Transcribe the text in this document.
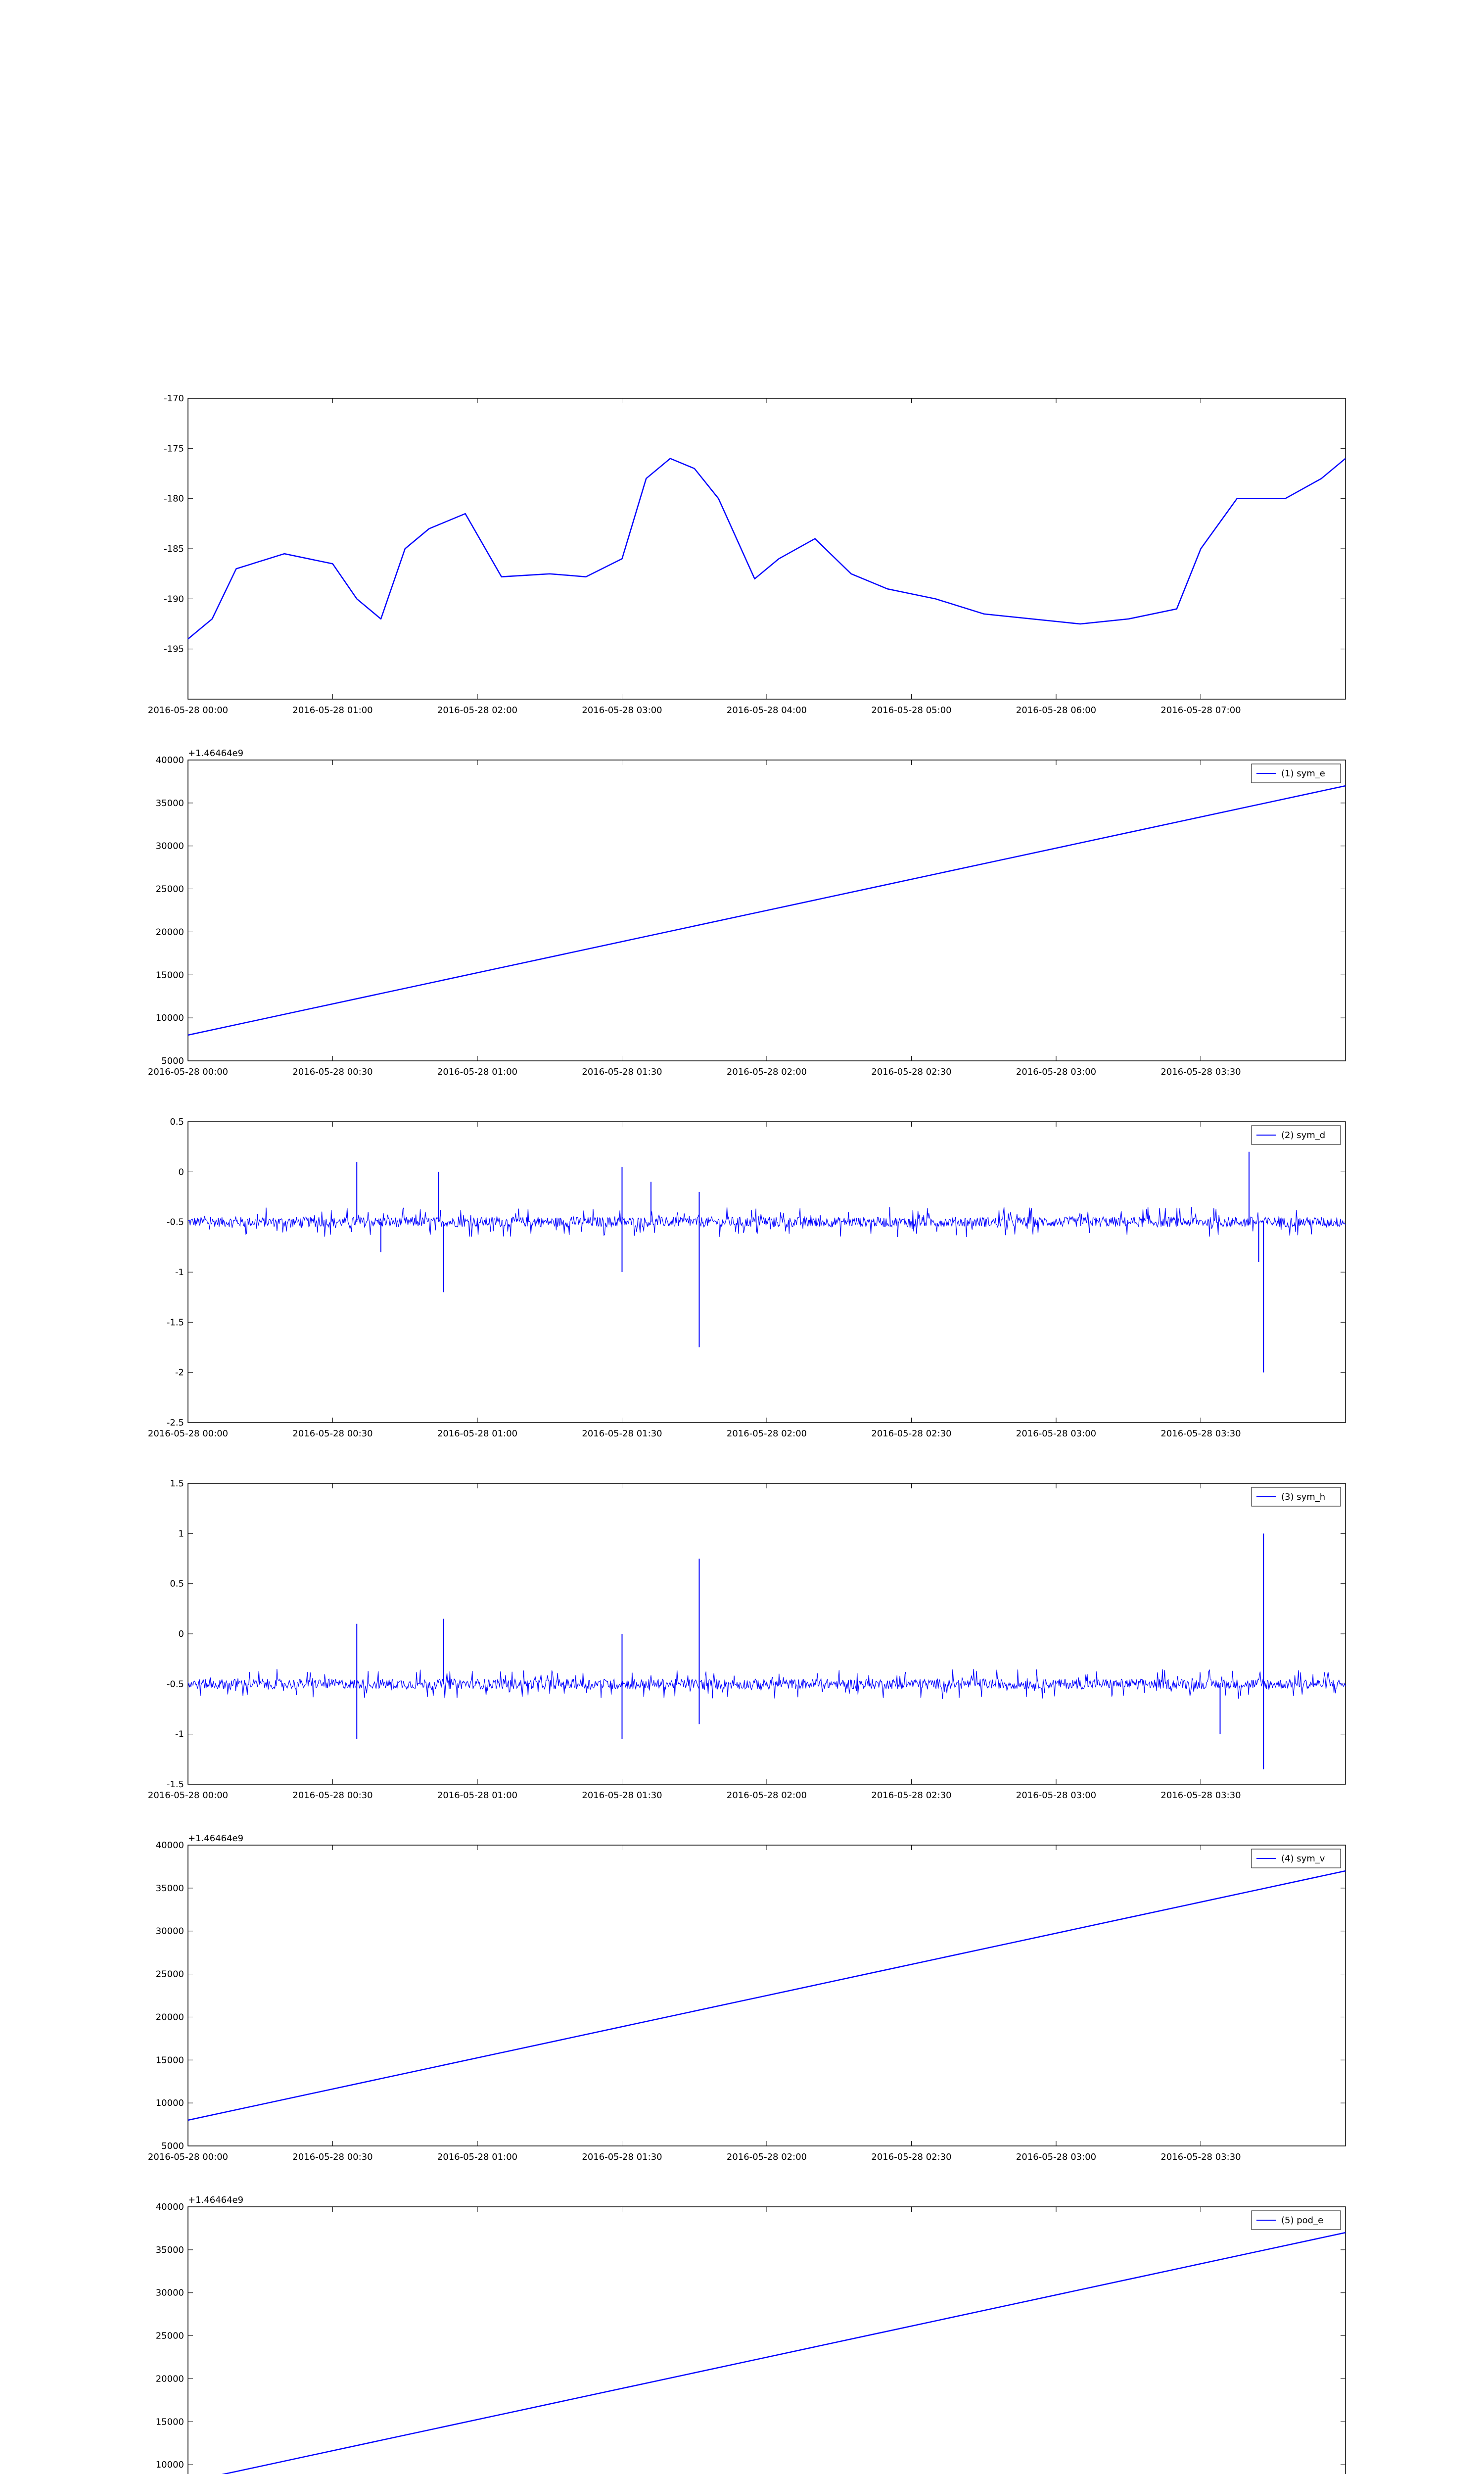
-195
-190
-185
-180
-175
-170
2016-05-28 00:00	2016-05-28 01:00	2016-05-28 02:00	2016-05-28 03:00	2016-05-28 04:00	2016-05-28 05:00	2016-05-28 06:00	2016-05-28 07:00
5000
10000
15000
20000
25000
30000
35000
40000
2016-05-28 00:00	2016-05-28 00:30	2016-05-28 01:00	2016-05-28 01:30	2016-05-28 02:00	2016-05-28 02:30	2016-05-28 03:00	2016-05-28 03:30
+1.46464e9
(1) sym_e
-2.5
-2
-1.5
-1
-0.5
0
0.5
2016-05-28 00:00	2016-05-28 00:30	2016-05-28 01:00	2016-05-28 01:30	2016-05-28 02:00	2016-05-28 02:30	2016-05-28 03:00	2016-05-28 03:30
(2) sym_d
-1.5
-1
-0.5
0
0.5
1
1.5
2016-05-28 00:00	2016-05-28 00:30	2016-05-28 01:00	2016-05-28 01:30	2016-05-28 02:00	2016-05-28 02:30	2016-05-28 03:00	2016-05-28 03:30
(3) sym_h
5000
10000
15000
20000
25000
30000
35000
40000
2016-05-28 00:00	2016-05-28 00:30	2016-05-28 01:00	2016-05-28 01:30	2016-05-28 02:00	2016-05-28 02:30	2016-05-28 03:00	2016-05-28 03:30
+1.46464e9
(4) sym_v
10000
15000
20000
25000
30000
35000
40000
+1.46464e9
(5) pod_e
